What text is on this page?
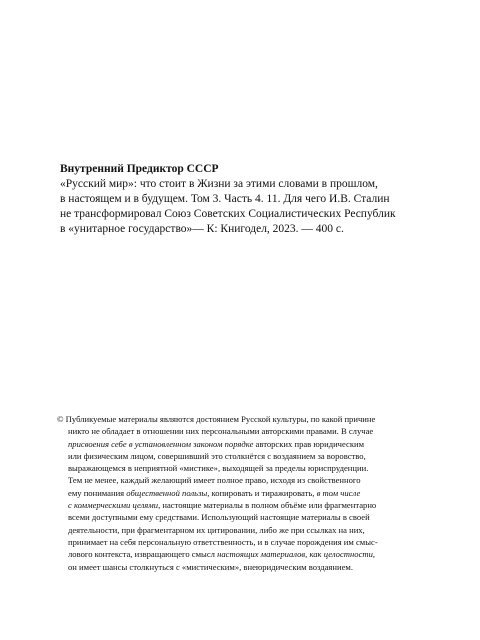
Внутренний Предиктор СССР
«Русский мир»: что стоит в Жизни за этими словами в прошлом,
в настоящем и в будущем. Том 3. Часть 4. 11. Для чего И.В. Сталин
не трансформировал Союз Советских Социалистических Республик
в «унитарное государство»— К: Книгодел, 2023. — 400 с.
© Публикуемые материалы являются достоянием Русской культуры, по какой причине
никто не обладает в отношении них персональными авторскими правами. В случае
присвоения себе в установленном законом порядке авторских прав юридическим
или физическим лицом, совершивший это столкнётся с воздаянием за воровство,
выражающемся в неприятной «мистике», выходящей за пределы юриспруденции.
Тем не менее, каждый желающий имеет полное право, исходя из свойственного
ему понимания общественной пользы, копировать и тиражировать, в том числе
с коммерческими целями, настоящие материалы в полном объёме или фрагментарно
всеми доступными ему средствами. Использующий настоящие материалы в своей
деятельности, при фрагментарном их цитировании, либо же при ссылках на них,
принимает на себя персональную ответственность, и в случае порождения им смыс-
лового контекста, извращающего смысл настоящих материалов, как целостности,
он имеет шансы столкнуться с «мистическим», внеюридическим воздаянием.
